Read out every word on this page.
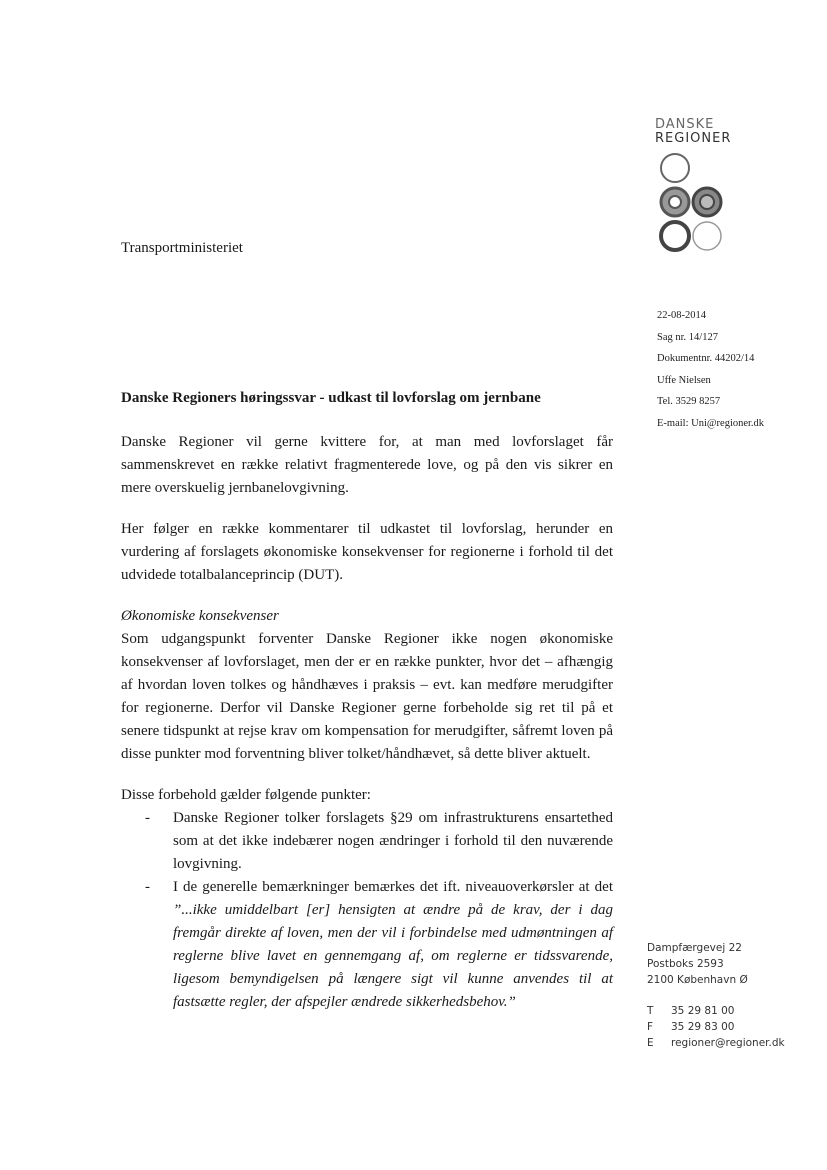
DANSKE
REGIONER
Transportministeriet
22-08-2014
Sag nr. 14/127
Dokumentnr. 44202/14
Uffe Nielsen
Tel. 3529 8257
E-mail: Uni@regioner.dk
Danske Regioners høringssvar - udkast til lovforslag om jernbane

Danske Regioner vil gerne kvittere for, at man med lovforslaget får sammenskrevet en række relativt fragmenterede love, og på den vis sikrer en mere overskuelig jernbanelovgivning.

Her følger en række kommentarer til udkastet til lovforslag, herunder en vurdering af forslagets økonomiske konsekvenser for regionerne i forhold til det udvidede totalbalanceprincip (DUT).

Økonomiske konsekvenser

Som udgangspunkt forventer Danske Regioner ikke nogen økonomiske konsekvenser af lovforslaget, men der er en række punkter, hvor det – afhængig af hvordan loven tolkes og håndhæves i praksis – evt. kan medføre merudgifter for regionerne. Derfor vil Danske Regioner gerne forbeholde sig ret til på et senere tidspunkt at rejse krav om kompensation for merudgifter, såfremt loven på disse punkter mod forventning bliver tolket/håndhævet, så dette bliver aktuelt.

Disse forbehold gælder følgende punkter:

- Danske Regioner tolker forslagets §29 om infrastrukturens ensartethed som at det ikke indebærer nogen ændringer i forhold til den nuværende lovgivning.
- I de generelle bemærkninger bemærkes det ift. niveauoverkørsler at det ”...ikke umiddelbart [er] hensigten at ændre på de krav, der i dag fremgår direkte af loven, men der vil i forbindelse med udmøntningen af reglerne blive lavet en gennemgang af, om reglerne er tidssvarende, ligesom bemyndigelsen på længere sigt vil kunne anvendes til at fastsætte regler, der afspejler ændrede sikkerhedsbehov.”
Dampfærgevej 22
Postboks 2593
2100 København Ø
T 35 29 81 00
F 35 29 83 00
E regioner@regioner.dk
